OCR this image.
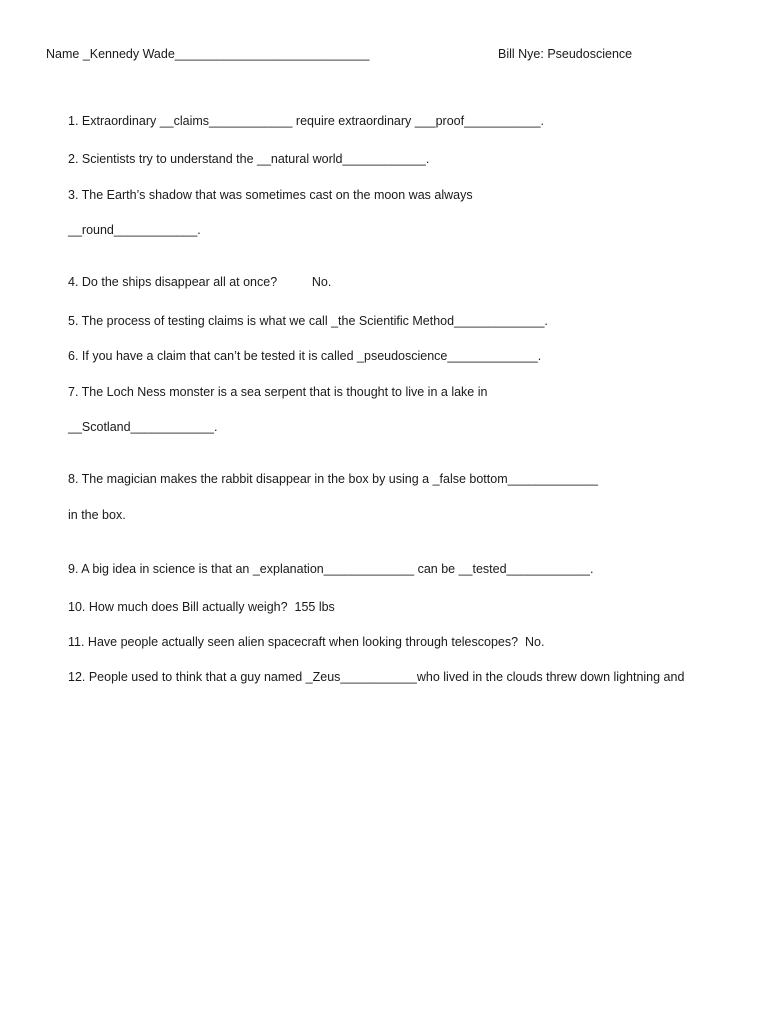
Name _Kennedy Wade____________________________	Bill Nye: Pseudoscience
1. Extraordinary __claims____________ require extraordinary ___proof___________.
2. Scientists try to understand the __natural world____________.
3. The Earth’s shadow that was sometimes cast on the moon was always
__round____________.
4. Do the ships disappear all at once?          No.
5. The process of testing claims is what we call _the Scientific Method_____________.
6. If you have a claim that can’t be tested it is called _pseudoscience_____________.
7. The Loch Ness monster is a sea serpent that is thought to live in a lake in
__Scotland____________.
8. The magician makes the rabbit disappear in the box by using a _false bottom_____________
in the box.
9. A big idea in science is that an _explanation_____________ can be __tested____________.
10. How much does Bill actually weigh?  155 lbs
11. Have people actually seen alien spacecraft when looking through telescopes?  No.
12. People used to think that a guy named _Zeus___________who lived in the clouds threw down lightning and
